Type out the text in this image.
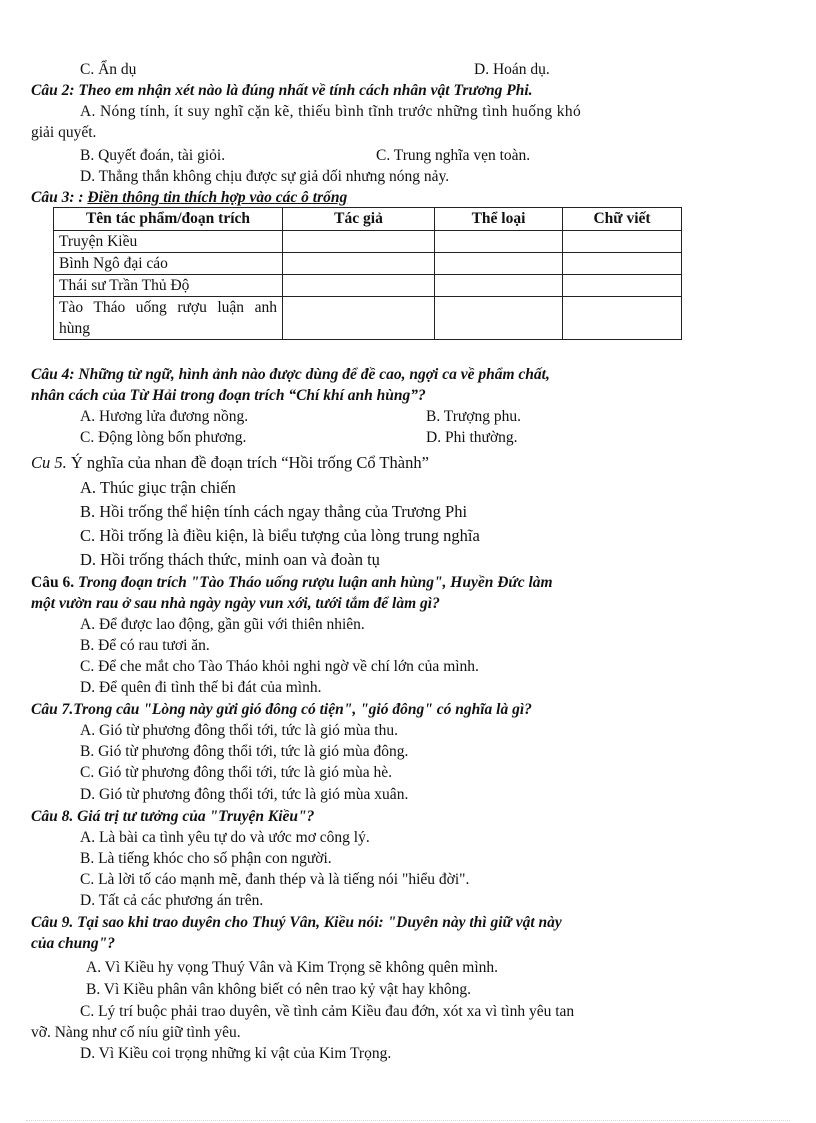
C. Ẩn dụ	D. Hoán dụ.
Câu 2: Theo em nhận xét nào là đúng nhất về tính cách nhân vật Trương Phi.
A. Nóng tính, ít suy nghĩ cặn kẽ, thiếu bình tĩnh trước những tình huống khó
giải quyết.
B. Quyết đoán, tài giỏi.	C. Trung nghĩa vẹn toàn.
D. Thẳng thắn không chịu được sự giả dối nhưng nóng nảy.
Câu 3: : Điền thông tin thích hợp vào các ô trống
Tên tác phẩm/đoạn trích	Tác giả	Thể loại	Chữ viết
Truyện Kiều			
Bình Ngô đại cáo			
Thái sư Trần Thủ Độ			
Tào Tháo uống rượu luận anh hùng			
Câu 4: Những từ ngữ, hình ảnh nào được dùng để đề cao, ngợi ca về phẩm chất,
nhân cách của Từ Hải trong đoạn trích “Chí khí anh hùng”?
A. Hương lửa đương nồng.	B. Trượng phu.
C. Động lòng bốn phương.	D. Phi thường.
Cu 5. Ý nghĩa của nhan đề đoạn trích “Hồi trống Cổ Thành”
A. Thúc giục trận chiến
B. Hồi trống thể hiện tính cách ngay thẳng của Trương Phi
C. Hồi trống là điều kiện, là biểu tượng của lòng trung nghĩa
D. Hồi trống thách thức, minh oan và đoàn tụ
Câu 6. Trong đoạn trích "Tào Tháo uống rượu luận anh hùng", Huyền Đức làm
một vườn rau ở sau nhà ngày ngày vun xới, tưới tắm để làm gì?
A. Để được lao động, gần gũi với thiên nhiên.
B. Để có rau tươi ăn.
C. Để che mắt cho Tào Tháo khỏi nghi ngờ về chí lớn của mình.
D. Để quên đi tình thế bi đát của mình.
Câu 7.Trong câu "Lòng này gửi gió đông có tiện", "gió đông" có nghĩa là gì?
A. Gió từ phương đông thổi tới, tức là gió mùa thu.
B. Gió từ phương đông thổi tới, tức là gió mùa đông.
C. Gió từ phương đông thổi tới, tức là gió mùa hè.
D. Gió từ phương đông thổi tới, tức là gió mùa xuân.
Câu 8. Giá trị tư tưởng của "Truyện Kiều"?
A. Là bài ca tình yêu tự do và ước mơ công lý.
B. Là tiếng khóc cho số phận con người.
C. Là lời tố cáo mạnh mẽ, đanh thép và là tiếng nói "hiểu đời".
D. Tất cả các phương án trên.
Câu 9. Tại sao khi trao duyên cho Thuý Vân, Kiều nói: "Duyên này thì giữ vật này
của chung"?
A. Vì Kiều hy vọng Thuý Vân và Kim Trọng sẽ không quên mình.
B. Vì Kiều phân vân không biết có nên trao kỷ vật hay không.
C. Lý trí buộc phải trao duyên, về tình cảm Kiều đau đớn, xót xa vì tình yêu tan
vỡ. Nàng như cố níu giữ tình yêu.
D. Vì Kiều coi trọng những kỉ vật của Kim Trọng.
